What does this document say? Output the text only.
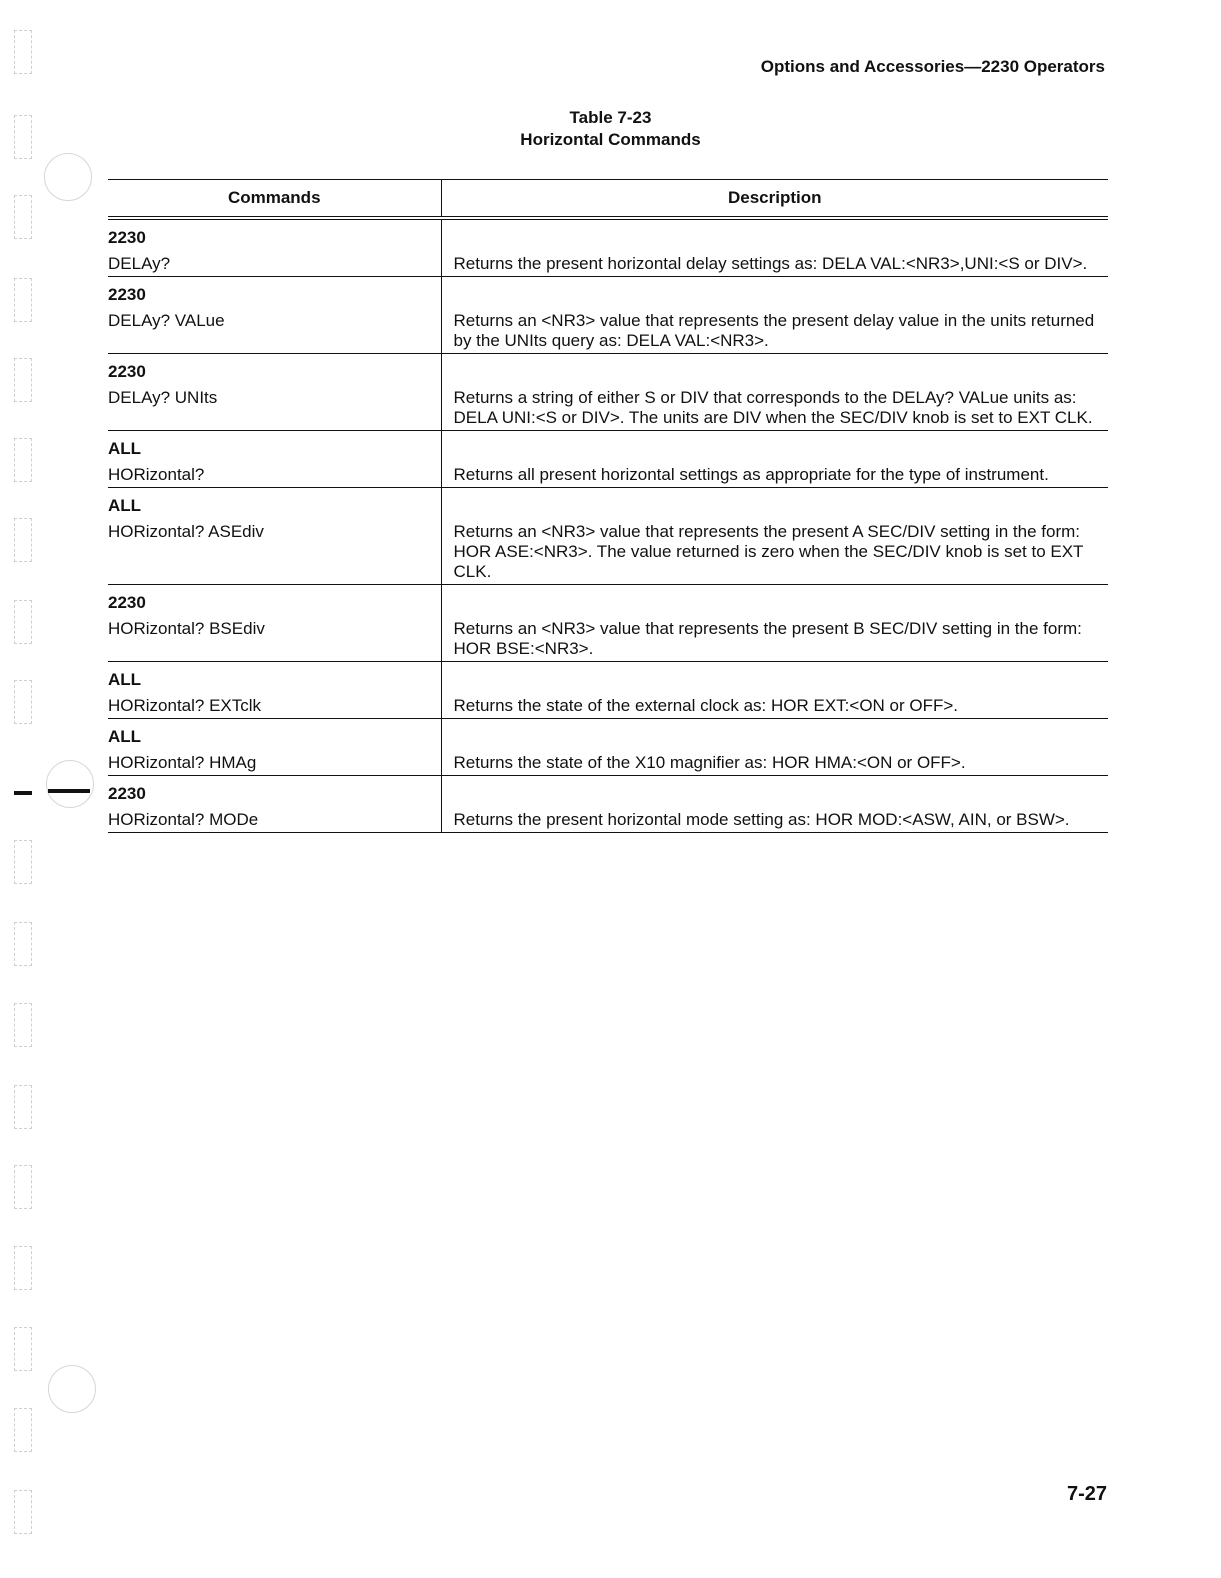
Options and Accessories—2230 Operators
Table 7-23
Horizontal Commands
Commands	Description

2230
DELAy?	Returns the present horizontal delay settings as: DELA VAL:<NR3>,UNI:<S or DIV>.

2230
DELAy? VALue	Returns an <NR3> value that represents the present delay value in the units returned by the UNIts query as: DELA VAL:<NR3>.

2230
DELAy? UNIts	Returns a string of either S or DIV that corresponds to the DELAy? VALue units as: DELA UNI:<S or DIV>. The units are DIV when the SEC/DIV knob is set to EXT CLK.

ALL
HORizontal?	Returns all present horizontal settings as appropriate for the type of instrument.

ALL
HORizontal? ASEdiv	Returns an <NR3> value that represents the present A SEC/DIV setting in the form: HOR ASE:<NR3>. The value returned is zero when the SEC/DIV knob is set to EXT CLK.

2230
HORizontal? BSEdiv	Returns an <NR3> value that represents the present B SEC/DIV setting in the form: HOR BSE:<NR3>.

ALL
HORizontal? EXTclk	Returns the state of the external clock as: HOR EXT:<ON or OFF>.

ALL
HORizontal? HMAg	Returns the state of the X10 magnifier as: HOR HMA:<ON or OFF>.

2230
HORizontal? MODe	Returns the present horizontal mode setting as: HOR MOD:<ASW, AIN, or BSW>.
7-27
